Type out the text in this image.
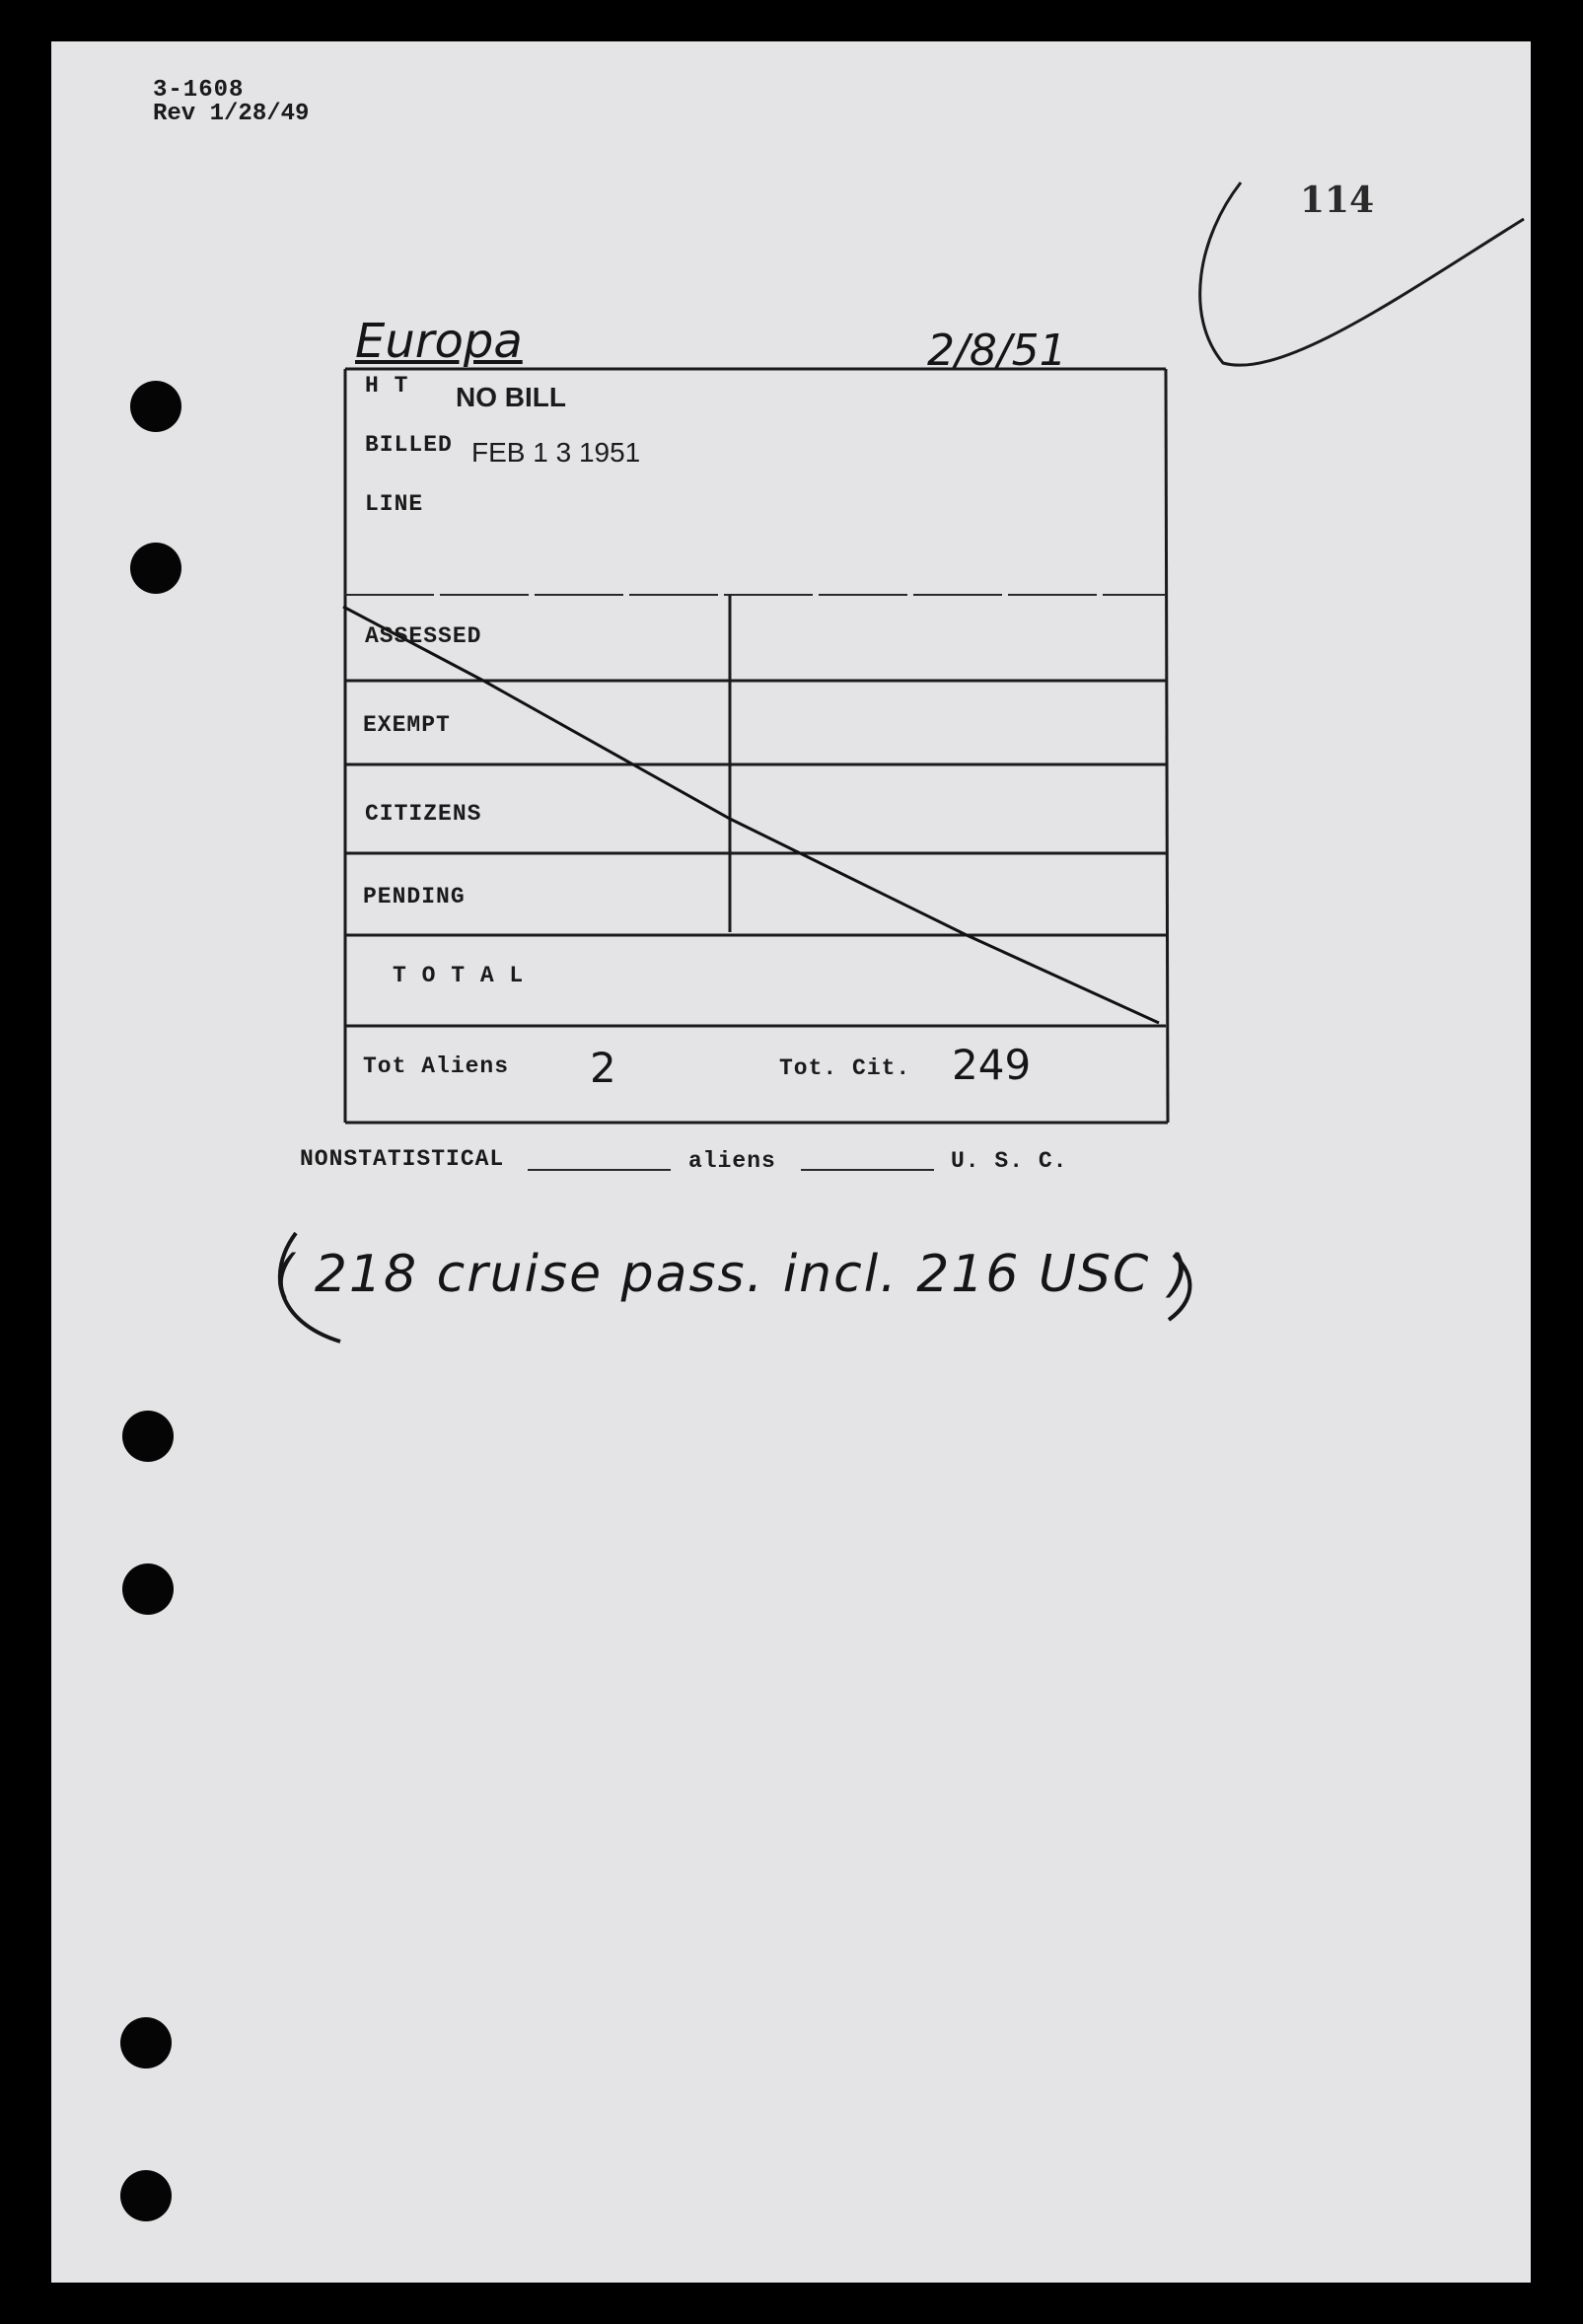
3-1608
Rev 1/28/49
114
Europa	2/8/51
H T NO BILL
BILLED FEB 1 3 1951
LINE
ASSESSED
EXEMPT
CITIZENS
PENDING
T O T A L
Tot Aliens 2	Tot. Cit. 249
NONSTATISTICAL	aliens	U. S. C.
( 218 cruise pass. incl. 216 USC )
